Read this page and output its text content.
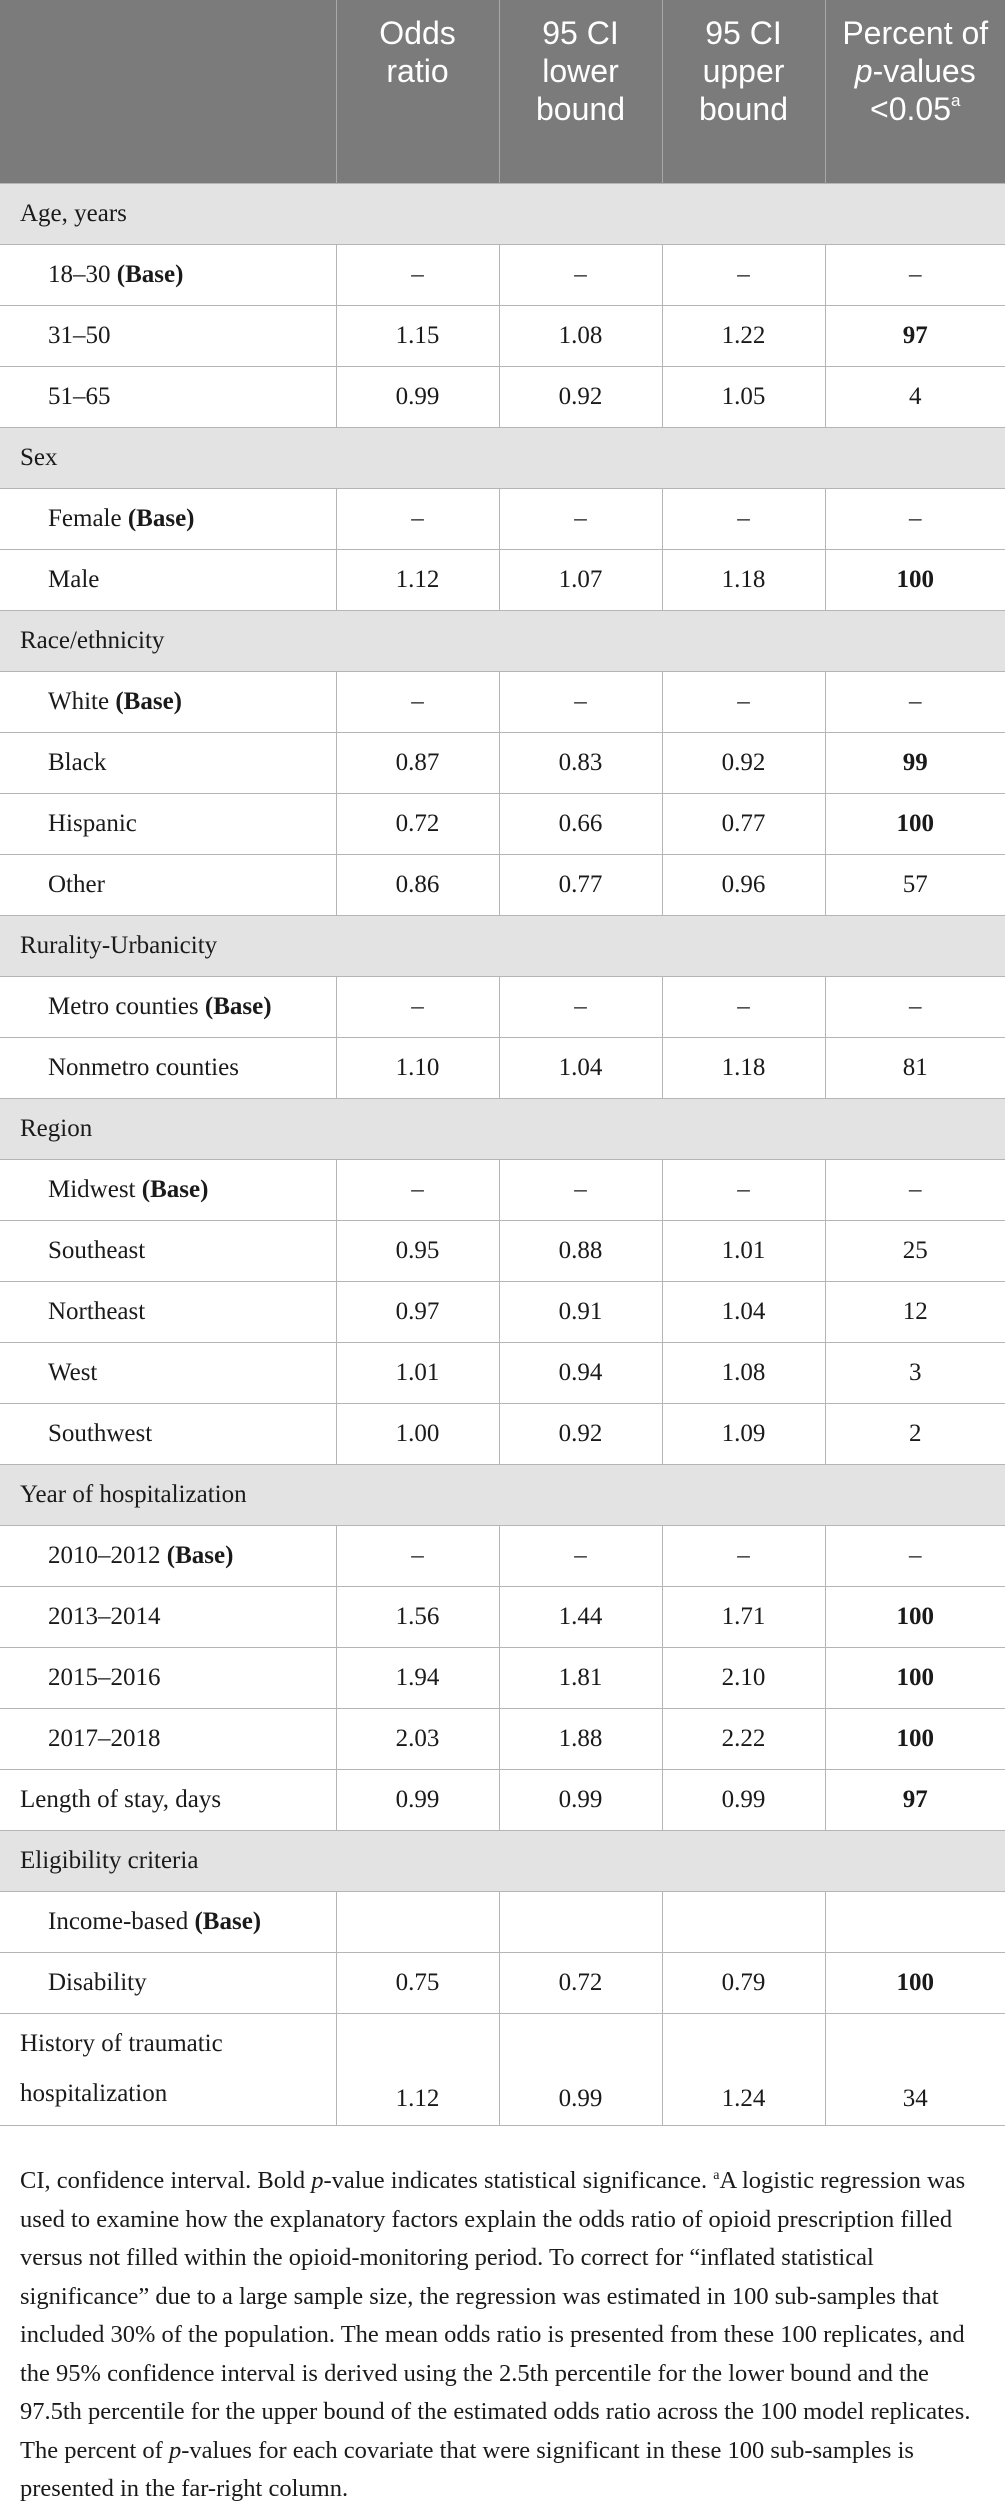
	Odds ratio	95 CI lower bound	95 CI upper bound	Percent of p-values <0.05$^a$
Age, years				
18–30 (Base)	–	–	–	–
31–50	1.15	1.08	1.22	97
51–65	0.99	0.92	1.05	4
Sex				
Female (Base)	–	–	–	–
Male	1.12	1.07	1.18	100
Race/ethnicity				
White (Base)	–	–	–	–
Black	0.87	0.83	0.92	99
Hispanic	0.72	0.66	0.77	100
Other	0.86	0.77	0.96	57
Rurality-Urbanicity				
Metro counties (Base)	–	–	–	–
Nonmetro counties	1.10	1.04	1.18	81
Region				
Midwest (Base)	–	–	–	–
Southeast	0.95	0.88	1.01	25
Northeast	0.97	0.91	1.04	12
West	1.01	0.94	1.08	3
Southwest	1.00	0.92	1.09	2
Year of hospitalization				
2010–2012 (Base)	–	–	–	–
2013–2014	1.56	1.44	1.71	100
2015–2016	1.94	1.81	2.10	100
2017–2018	2.03	1.88	2.22	100
Length of stay, days	0.99	0.99	0.99	97
Eligibility criteria				
Income-based (Base)				
Disability	0.75	0.72	0.79	100
History of traumatic hospitalization	1.12	0.99	1.24	34
CI, confidence interval. Bold p-value indicates statistical significance. $^a$A logistic regression was used to examine how the explanatory factors explain the odds ratio of opioid prescription filled versus not filled within the opioid-monitoring period. To correct for “inflated statistical significance” due to a large sample size, the regression was estimated in 100 sub-samples that included 30% of the population. The mean odds ratio is presented from these 100 replicates, and the 95% confidence interval is derived using the 2.5th percentile for the lower bound and the 97.5th percentile for the upper bound of the estimated odds ratio across the 100 model replicates. The percent of p-values for each covariate that were significant in these 100 sub-samples is presented in the far-right column.
